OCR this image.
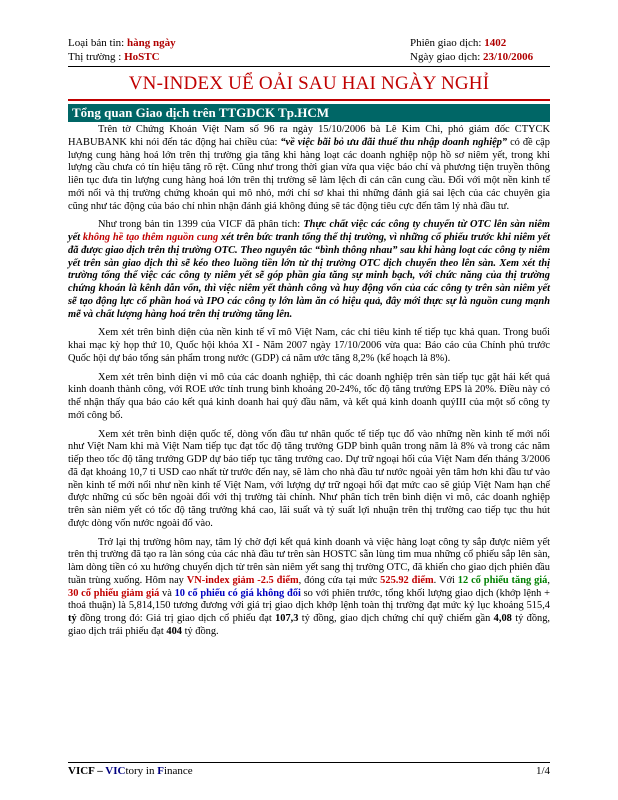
Loại bản tin: hàng ngày	Phiên giao dịch: 1402
Thị trường : HoSTC	Ngày giao dịch: 23/10/2006
VN-INDEX UỂ OẢI SAU HAI NGÀY NGHỈ
Tổng quan Giao dịch trên TTGDCK Tp.HCM

Trên tờ Chứng Khoán Việt Nam số 96 ra ngày 15/10/2006 bà Lê Kim Chi, phó giám đốc CTYCK HABUBANK khi nói đến tác động hai chiều của: “về việc bãi bỏ ưu đãi thuế thu nhập doanh nghiệp” có đề cập lượng cung hàng hoá lớn trên thị trường gia tăng khi hàng loạt các doanh nghiệp nộp hồ sơ niêm yết, trong khi lượng cầu chưa có tín hiệu tăng rõ rệt. Cũng như trong thời gian vừa qua việc báo chí và phương tiện truyền thông liên tục đưa tin lượng cung hàng hoá lớn trên thị trường sẽ làm lệch đi cán cân cung cầu. Đối với một nền kinh tế mới nổi và thị trường chứng khoán qui mô nhỏ, mới chỉ sơ khai thì những đánh giá sai lệch của các chuyên gia cũng như tác động của báo chí nhìn nhận đánh giá không đúng sẽ tác động tiêu cực đến tâm lý nhà đầu tư.

Như trong bản tin 1399 của VICF đã phân tích: Thực chất việc các công ty chuyển từ OTC lên sàn niêm yết không hề tạo thêm nguồn cung xét trên bức tranh tổng thể thị trường, vì những cổ phiếu trước khi niêm yết đã được giao dịch trên thị trường OTC. Theo nguyên tắc “bình thông nhau” sau khi hàng loạt các công ty niêm yết trên sàn giao dịch thì sẽ kéo theo luồng tiền lớn từ thị trường OTC dịch chuyển theo lên sàn. Xem xét thị trường tổng thể việc các công ty niêm yết sẽ góp phần gia tăng sự minh bạch, với chức năng của thị trường chứng khoán là kênh dẫn vốn, thì việc niêm yết thành công và huy động vốn của các công ty trên sàn niêm yết sẽ tạo động lực cổ phần hoá và IPO các công ty lớn làm ăn có hiệu quả, đây mới thực sự là nguồn cung mạnh mẽ và chất lượng hàng hoá trên thị trường tăng lên.

Xem xét trên bình diện của nền kinh tế vĩ mô Việt Nam, các chỉ tiêu kinh tế tiếp tục khả quan. Trong buổi khai mạc kỳ họp thứ 10, Quốc hội khóa XI - Năm 2007 ngày 17/10/2006 vừa qua: Báo cáo của Chính phủ trước Quốc hội dự báo tổng sản phẩm trong nước (GDP) cả năm ước tăng 8,2% (kế hoạch là 8%).

Xem xét trên bình diện vi mô của các doanh nghiệp, thì các doanh nghiệp trên sàn tiếp tục gặt hái kết quả kinh doanh thành công, với ROE ước tính trung bình khoảng 20-24%, tốc độ tăng trưởng EPS là 20%. Điều này có thể nhận thấy qua báo cáo kết quả kinh doanh hai quý đầu năm, và kết quả kinh doanh quýIII của một số công ty mới công bố.

Xem xét trên bình diện quốc tế, dòng vốn đầu tư nhân quốc tế tiếp tục đổ vào những nền kinh tế mới nổi như Việt Nam khi mà Việt Nam tiếp tục đạt tốc độ tăng trưởng GDP bình quân trong năm là 8% và trong các năm tiếp theo tốc độ tăng trưởng GDP dự báo tiếp tục tăng trưởng cao. Dự trữ ngoại hối của Việt Nam đến tháng 3/2006 đã đạt khoảng 10,7 tỉ USD cao nhất từ trước đến nay, sẽ làm cho nhà đầu tư nước ngoài yên tâm hơn khi đầu tư vào nền kinh tế mới nổi như nền kinh tế Việt Nam, với lượng dự trữ ngoại hối đạt mức cao sẽ giúp Việt Nam hạn chế được những cú sốc bên ngoài đối với thị trường tài chính. Như phân tích trên bình diện vi mô, các doanh nghiệp trên sàn niêm yết có tốc độ tăng trưởng khá cao, lãi suất và tỷ suất lợi nhuận trên thị trường cao tiếp tục thu hút được dòng vốn nước ngoài đổ vào.

Trở lại thị trường hôm nay, tâm lý chờ đợi kết quả kinh doanh và việc hàng loạt công ty sắp được niêm yết trên thị trường đã tạo ra làn sóng của các nhà đầu tư trên sàn HOSTC sẵn lùng tìm mua những cổ phiếu sắp lên sàn, làm dòng tiền có xu hướng chuyển dịch từ trên sàn niêm yết sang thị trường OTC, đã khiến cho giao dịch phiên đầu tuần trùng xuống. Hôm nay VN-index giảm -2.5 điểm, đóng cửa tại mức 525.92 điểm. Với 12 cổ phiếu tăng giá, 30 cổ phiếu giảm giá và 10 cổ phiếu có giá không đổi so với phiên trước, tổng khối lượng giao dịch (khớp lệnh + thoả thuận) là 5,814,150 tương đương với giá trị giao dịch khớp lệnh toàn thị trường đạt mức kỷ lục khoảng 515,4 tỷ đồng trong đó: Giá trị giao dịch cổ phiếu đạt 107,3 tỷ đồng, giao dịch chứng chỉ quỹ chiếm gần 4,08 tỷ đồng, giao dịch trái phiếu đạt 404 tỷ đồng.

VICF – VICtory in Finance	1/4
